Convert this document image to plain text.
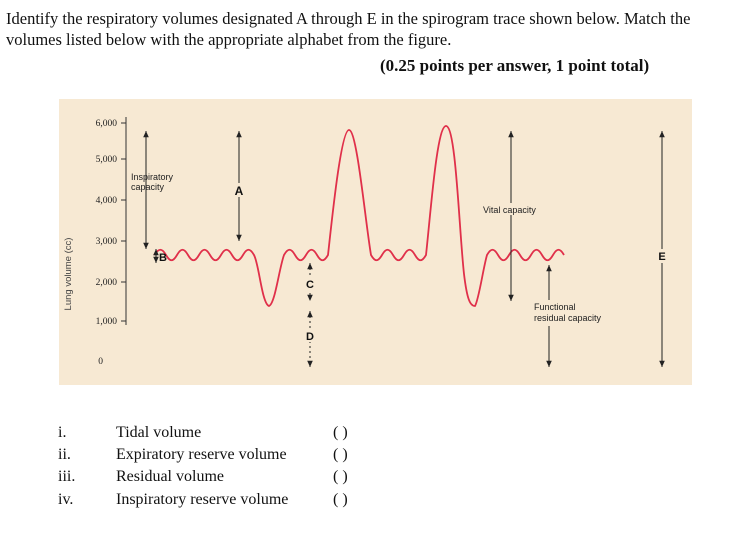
Identify the respiratory volumes designated A through E in the spirogram trace shown below. Match the volumes listed below with the appropriate alphabet from the figure.
(0.25 points per answer, 1 point total)
Lung volume (cc)
6,000
5,000
4,000
3,000
2,000
1,000
0
Inspiratory
capacity	A
B
C
D
Vital capacity
Functional
residual capacity
E
i.	Tidal volume	( )
ii.	Expiratory reserve volume	( )
iii.	Residual volume	( )
iv.	Inspiratory reserve volume	( )
